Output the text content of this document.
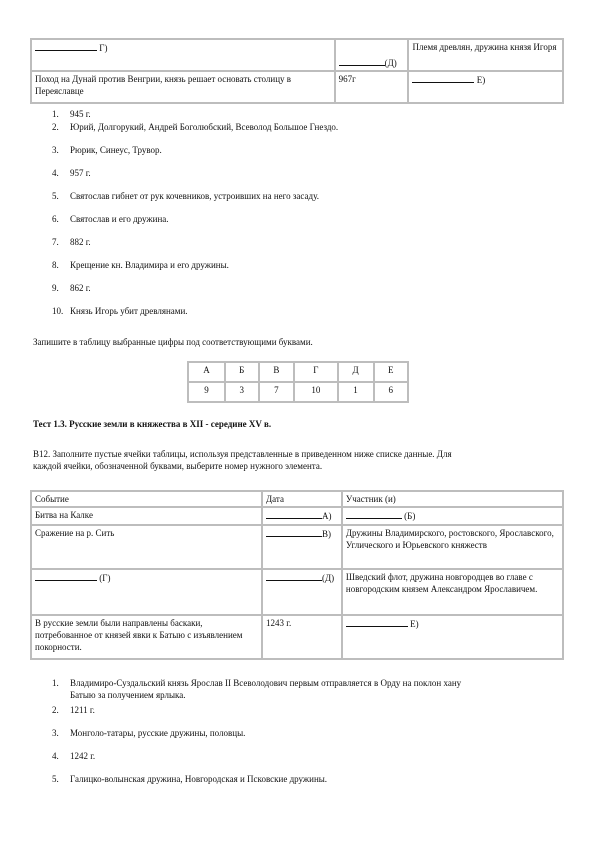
Г)	(Д)	Племя древлян, дружина князя Игоря
Поход на Дунай против Венгрии, князь решает основать столицу в Переяславце	967г	Е)
1. 945 г.
2. Юрий, Долгорукий, Андрей Боголюбский, Всеволод Большое Гнездо.
3. Рюрик, Синеус, Трувор.
4. 957 г.
5. Святослав гибнет от рук кочевников, устроивших на него засаду.
6. Святослав и его дружина.
7. 882 г.
8. Крещение кн. Владимира и его дружины.
9. 862 г.
10. Князь Игорь убит древлянами.
Запишите в таблицу выбранные цифры под соответствующими буквами.
А	Б	В	Г	Д	Е
9	3	7	10	1	6
Тест 1.3. Русские земли в княжества в XII - середине XV в.
В12. Заполните пустые ячейки таблицы, используя представленные в приведенном ниже списке данные. Для
каждой ячейки, обозначенной буквами, выберите номер нужного элемента.
Событие	Дата	Участник (и)
Битва на Калке	А)	(Б)
Сражение на р. Сить	В)	Дружины Владимирского, ростовского, Ярославского, Углического и Юрьевского княжеств
(Г)	(Д)	Шведский флот, дружина новгородцев во главе с новгородским князем Александром Ярославичем.
В русские земли были направлены баскаки, потребованное от князей явки к Батыю с изъявлением покорности.	1243 г.	Е)
1. Владимиро-Суздальский князь Ярослав II Всеволодович первым отправляется в Орду на поклон хану
Батыю за получением ярлыка.
2. 1211 г.
3. Монголо-татары, русские дружины, половцы.
4. 1242 г.
5. Галицко-волынская дружина, Новгородская и Псковские дружины.
